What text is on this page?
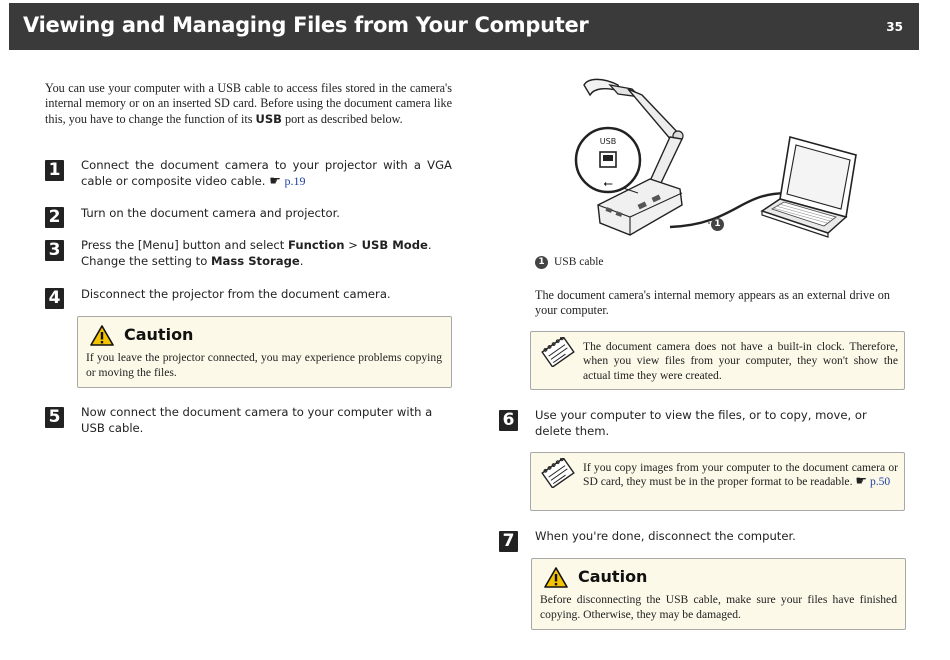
Viewing and Managing Files from Your Computer	35
You can use your computer with a USB cable to access files stored in the camera's internal memory or on an inserted SD card. Before using the document camera like this, you have to change the function of its USB port as described below.
1	Connect the document camera to your projector with a VGA cable or composite video cable. ☛ p.19
2	Turn on the document camera and projector.
3	Press the [Menu] button and select Function > USB Mode. Change the setting to Mass Storage.
4	Disconnect the projector from the document camera.
Caution
If you leave the projector connected, you may experience problems copying or moving the files.
5	Now connect the document camera to your computer with a USB cable.
USB
⭠
1
1 USB cable
The document camera's internal memory appears as an external drive on your computer.
The document camera does not have a built-in clock. Therefore, when you view files from your computer, they won't show the actual time they were created.
6	Use your computer to view the files, or to copy, move, or delete them.
If you copy images from your computer to the document camera or SD card, they must be in the proper format to be readable. ☛ p.50
7	When you're done, disconnect the computer.
Caution
Before disconnecting the USB cable, make sure your files have finished copying. Otherwise, they may be damaged.
